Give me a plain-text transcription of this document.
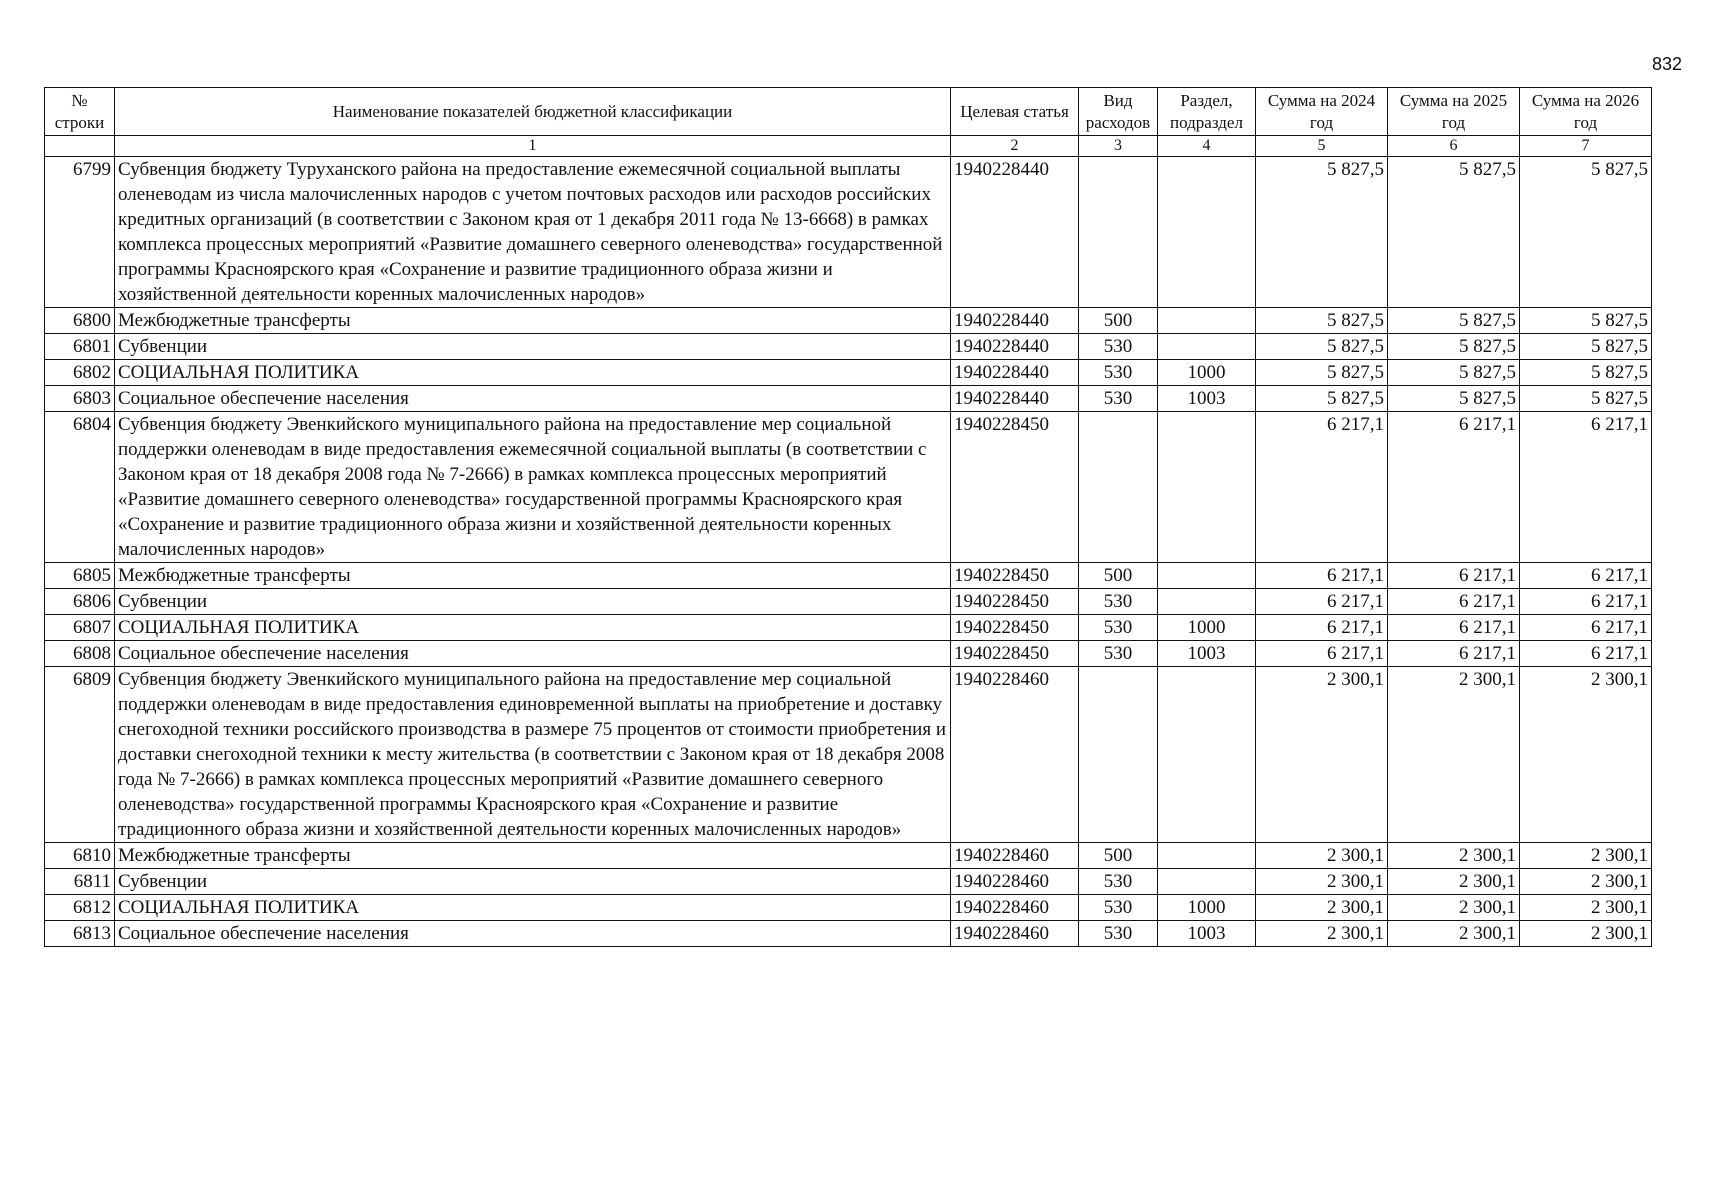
832
№ строки	Наименование показателей бюджетной классификации	Целевая статья	Вид расходов	Раздел, подраздел	Сумма на 2024 год	Сумма на 2025 год	Сумма на 2026 год
	1	2	3	4	5	6	7
6799	Субвенция бюджету Туруханского района на предоставление ежемесячной социальной выплаты оленеводам из числа малочисленных народов с учетом почтовых расходов или расходов российских кредитных организаций (в соответствии с Законом края от 1 декабря 2011 года № 13-6668) в рамках комплекса процессных мероприятий «Развитие домашнего северного оленеводства» государственной программы Красноярского края «Сохранение и развитие традиционного образа жизни и хозяйственной деятельности коренных малочисленных народов»	1940228440			5 827,5	5 827,5	5 827,5
6800	Межбюджетные трансферты	1940228440	500		5 827,5	5 827,5	5 827,5
6801	Субвенции	1940228440	530		5 827,5	5 827,5	5 827,5
6802	СОЦИАЛЬНАЯ ПОЛИТИКА	1940228440	530	1000	5 827,5	5 827,5	5 827,5
6803	Социальное обеспечение населения	1940228440	530	1003	5 827,5	5 827,5	5 827,5
6804	Субвенция бюджету Эвенкийского муниципального района на предоставление мер социальной поддержки оленеводам в виде предоставления ежемесячной социальной выплаты (в соответствии с Законом края от 18 декабря 2008 года № 7-2666) в рамках комплекса процессных мероприятий «Развитие домашнего северного оленеводства» государственной программы Красноярского края «Сохранение и развитие традиционного образа жизни и хозяйственной деятельности коренных малочисленных народов»	1940228450			6 217,1	6 217,1	6 217,1
6805	Межбюджетные трансферты	1940228450	500		6 217,1	6 217,1	6 217,1
6806	Субвенции	1940228450	530		6 217,1	6 217,1	6 217,1
6807	СОЦИАЛЬНАЯ ПОЛИТИКА	1940228450	530	1000	6 217,1	6 217,1	6 217,1
6808	Социальное обеспечение населения	1940228450	530	1003	6 217,1	6 217,1	6 217,1
6809	Субвенция бюджету Эвенкийского муниципального района на предоставление мер социальной поддержки оленеводам в виде предоставления единовременной выплаты на приобретение и доставку снегоходной техники российского производства в размере 75 процентов от стоимости приобретения и доставки снегоходной техники к месту жительства (в соответствии с Законом края от 18 декабря 2008 года № 7-2666) в рамках комплекса процессных мероприятий «Развитие домашнего северного оленеводства» государственной программы Красноярского края «Сохранение и развитие традиционного образа жизни и хозяйственной деятельности коренных малочисленных народов»	1940228460			2 300,1	2 300,1	2 300,1
6810	Межбюджетные трансферты	1940228460	500		2 300,1	2 300,1	2 300,1
6811	Субвенции	1940228460	530		2 300,1	2 300,1	2 300,1
6812	СОЦИАЛЬНАЯ ПОЛИТИКА	1940228460	530	1000	2 300,1	2 300,1	2 300,1
6813	Социальное обеспечение населения	1940228460	530	1003	2 300,1	2 300,1	2 300,1
